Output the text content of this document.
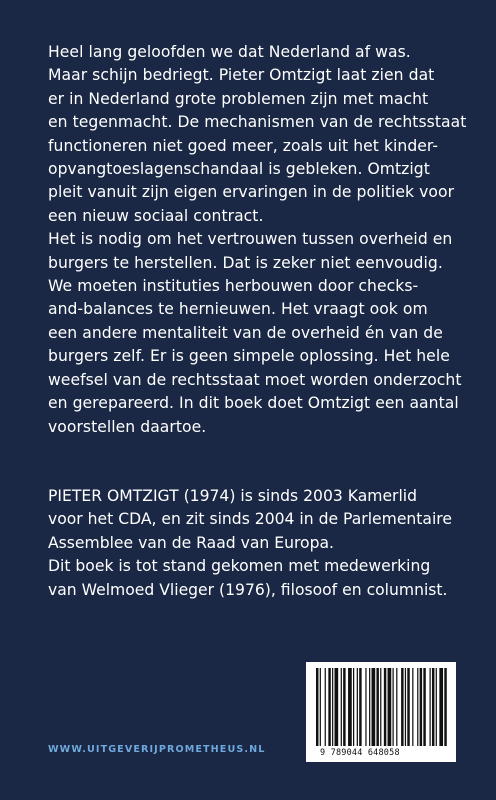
Heel lang geloofden we dat Nederland af was.

Maar schijn bedriegt. Pieter Omtzigt laat zien dat

er in Nederland grote problemen zijn met macht

en tegenmacht. De mechanismen van de rechtsstaat

functioneren niet goed meer, zoals uit het kinder-

opvangtoeslagenschandaal is gebleken. Omtzigt

pleit vanuit zijn eigen ervaringen in de politiek voor

een nieuw sociaal contract.

Het is nodig om het vertrouwen tussen overheid en

burgers te herstellen. Dat is zeker niet eenvoudig.

We moeten instituties herbouwen door checks-

and-balances te hernieuwen. Het vraagt ook om

een andere mentaliteit van de overheid én van de

burgers zelf. Er is geen simpele oplossing. Het hele

weefsel van de rechtsstaat moet worden onderzocht

en gerepareerd. In dit boek doet Omtzigt een aantal

voorstellen daartoe.

PIETER OMTZIGT (1974) is sinds 2003 Kamerlid

voor het CDA, en zit sinds 2004 in de Parlementaire

Assemblee van de Raad van Europa.

Dit boek is tot stand gekomen met medewerking

van Welmoed Vlieger (1976), filosoof en columnist.

WWW.UITGEVERIJPROMETHEUS.NL	9 789044 648058
